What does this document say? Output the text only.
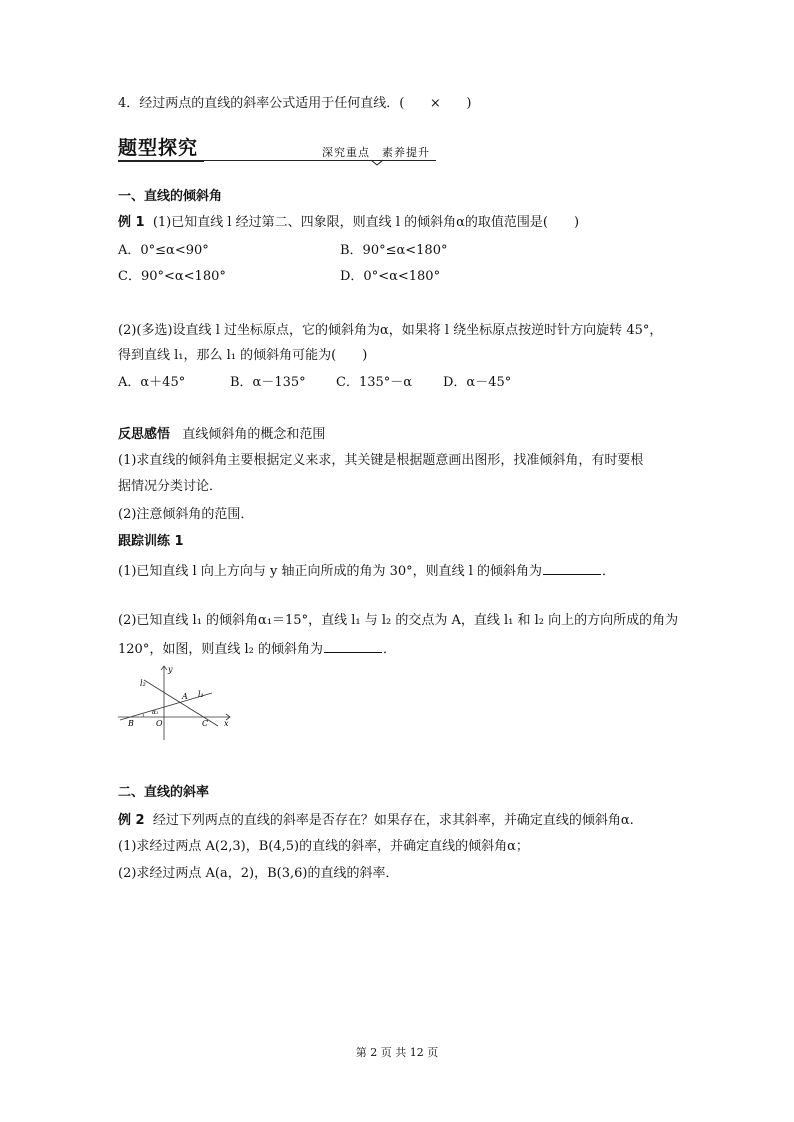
4．经过两点的直线的斜率公式适用于任何直线．( × )
题型探究	深究重点　素养提升
一、直线的倾斜角
例 1 (1)已知直线 l 经过第二、四象限，则直线 l 的倾斜角α的取值范围是(　　)
A．0°≤α<90°	B．90°≤α<180°
C．90°<α<180°	D．0°<α<180°
(2)(多选)设直线 l 过坐标原点，它的倾斜角为α，如果将 l 绕坐标原点按逆时针方向旋转 45°，
得到直线 l₁，那么 l₁ 的倾斜角可能为(　　)
A．α＋45°	B．α－135° C．135°－α D．α－45°
反思感悟 直线倾斜角的概念和范围
(1)求直线的倾斜角主要根据定义来求，其关键是根据题意画出图形，找准倾斜角，有时要根
据情况分类讨论．
(2)注意倾斜角的范围．
跟踪训练 1
(1)已知直线 l 向上方向与 y 轴正向所成的角为 30°，则直线 l 的倾斜角为	．
(2)已知直线 l₁ 的倾斜角α₁＝15°，直线 l₁ 与 l₂ 的交点为 A，直线 l₁ 和 l₂ 向上的方向所成的角为
120°，如图，则直线 l₂ 的倾斜角为	．
y
l₂
l₁
A
α₁
B	O	C x
二、直线的斜率
例 2 经过下列两点的直线的斜率是否存在？如果存在，求其斜率，并确定直线的倾斜角α.
(1)求经过两点 A(2,3)，B(4,5)的直线的斜率，并确定直线的倾斜角α；
(2)求经过两点 A(a，2)，B(3,6)的直线的斜率．
第 2 页 共 12 页
